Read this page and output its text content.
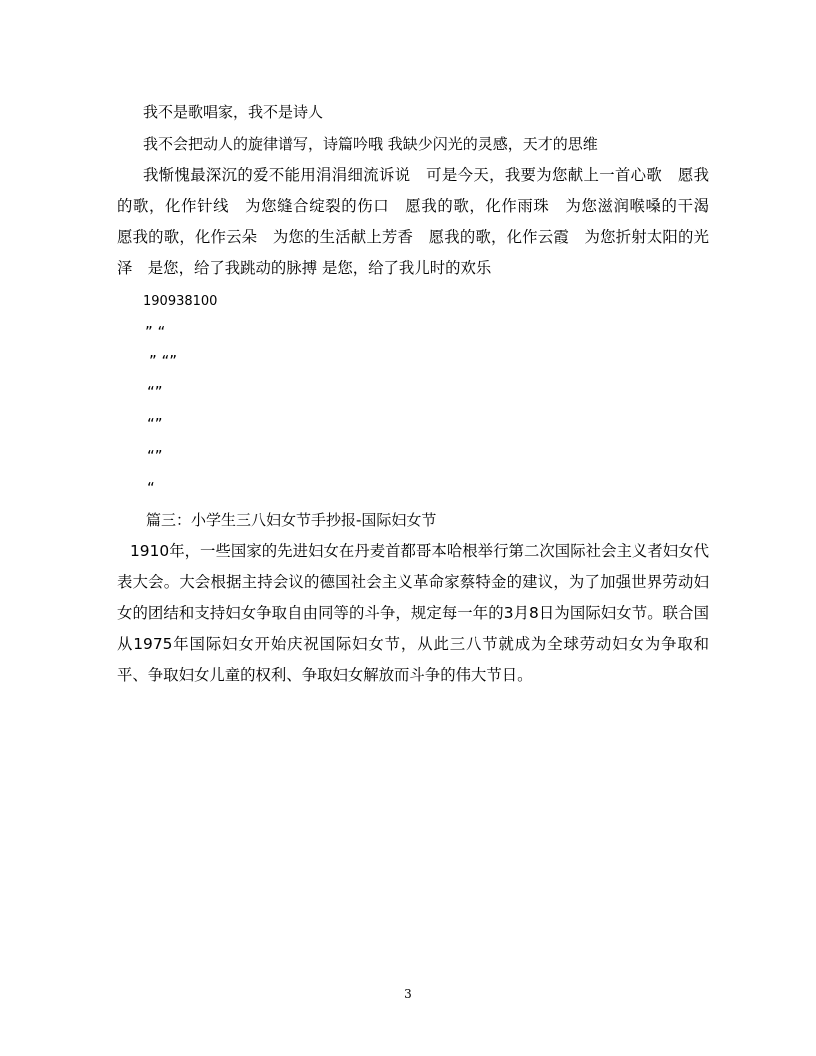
我不是歌唱家，我不是诗人
我不会把动人的旋律谱写，诗篇吟哦 我缺少闪光的灵感，天才的思维
我惭愧最深沉的爱不能用涓涓细流诉说　可是今天，我要为您献上一首心歌　愿我的歌，化作针线　为您缝合绽裂的伤口　愿我的歌，化作雨珠　为您滋润喉嗓的干渴　愿我的歌，化作云朵　为您的生活献上芳香　愿我的歌，化作云霞　为您折射太阳的光泽　是您，给了我跳动的脉搏 是您，给了我儿时的欢乐
190938100
” “
” “”
“”
“”
“”
“
篇三：小学生三八妇女节手抄报-国际妇女节
1910年，一些国家的先进妇女在丹麦首都哥本哈根举行第二次国际社会主义者妇女代表大会。大会根据主持会议的德国社会主义革命家蔡特金的建议，为了加强世界劳动妇女的团结和支持妇女争取自由同等的斗争，规定每一年的3月8日为国际妇女节。联合国从1975年国际妇女开始庆祝国际妇女节，从此三八节就成为全球劳动妇女为争取和平、争取妇女儿童的权利、争取妇女解放而斗争的伟大节日。
3
